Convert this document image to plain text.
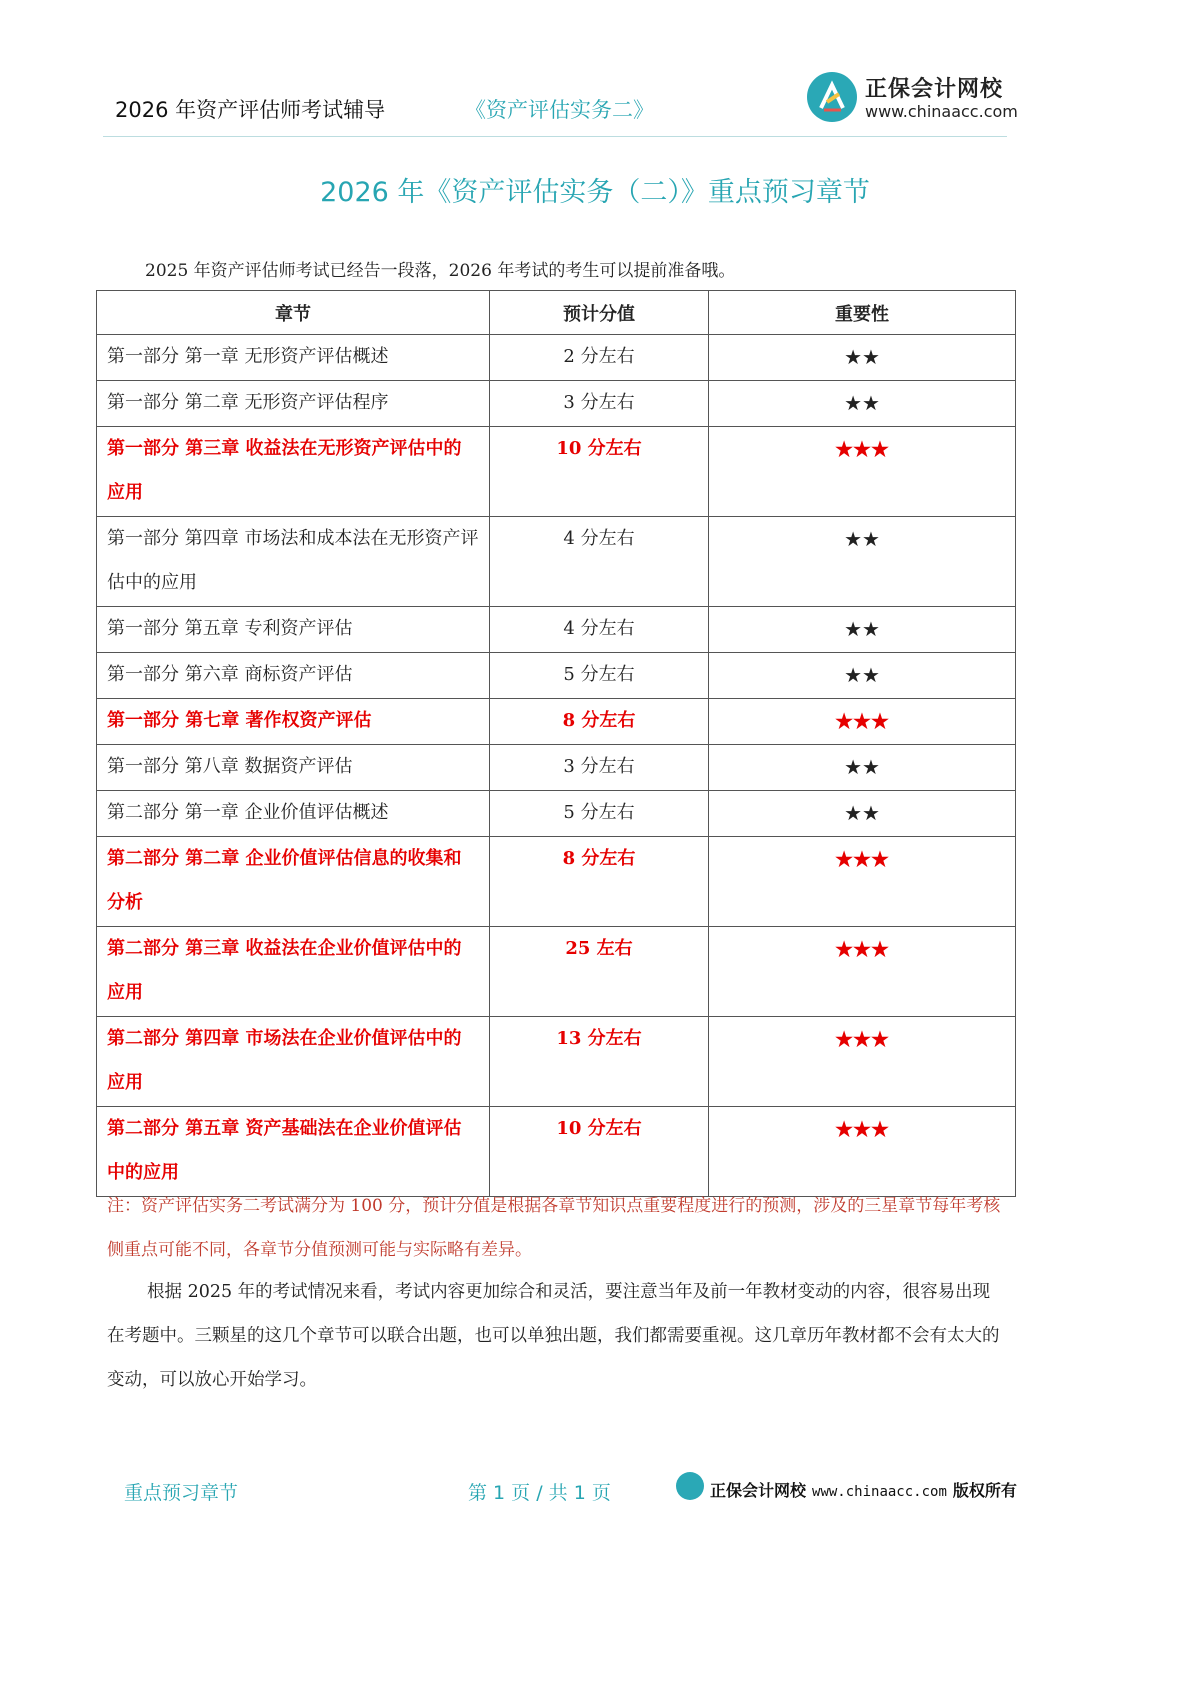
2026 年资产评估师考试辅导	《资产评估实务二》
正保会计网校
www.chinaacc.com
2026 年《资产评估实务（二）》重点预习章节
2025 年资产评估师考试已经告一段落，2026 年考试的考生可以提前准备哦。
章节	预计分值	重要性
第一部分 第一章 无形资产评估概述	2 分左右	★★
第一部分 第二章 无形资产评估程序	3 分左右	★★
第一部分 第三章 收益法在无形资产评估中的应用	10 分左右	★★★
第一部分 第四章 市场法和成本法在无形资产评估中的应用	4 分左右	★★
第一部分 第五章 专利资产评估	4 分左右	★★
第一部分 第六章 商标资产评估	5 分左右	★★
第一部分 第七章 著作权资产评估	8 分左右	★★★
第一部分 第八章 数据资产评估	3 分左右	★★
第二部分 第一章 企业价值评估概述	5 分左右	★★
第二部分 第二章 企业价值评估信息的收集和分析	8 分左右	★★★
第二部分 第三章 收益法在企业价值评估中的应用	25 左右	★★★
第二部分 第四章 市场法在企业价值评估中的应用	13 分左右	★★★
第二部分 第五章 资产基础法在企业价值评估中的应用	10 分左右	★★★
注：资产评估实务二考试满分为 100 分，预计分值是根据各章节知识点重要程度进行的预测，涉及的三星章节每年考核侧重点可能不同，各章节分值预测可能与实际略有差异。
根据 2025 年的考试情况来看，考试内容更加综合和灵活，要注意当年及前一年教材变动的内容，很容易出现在考题中。三颗星的这几个章节可以联合出题，也可以单独出题，我们都需要重视。这几章历年教材都不会有太大的变动，可以放心开始学习。
重点预习章节	第 1 页 / 共 1 页	正保会计网校 www.chinaacc.com 版权所有
